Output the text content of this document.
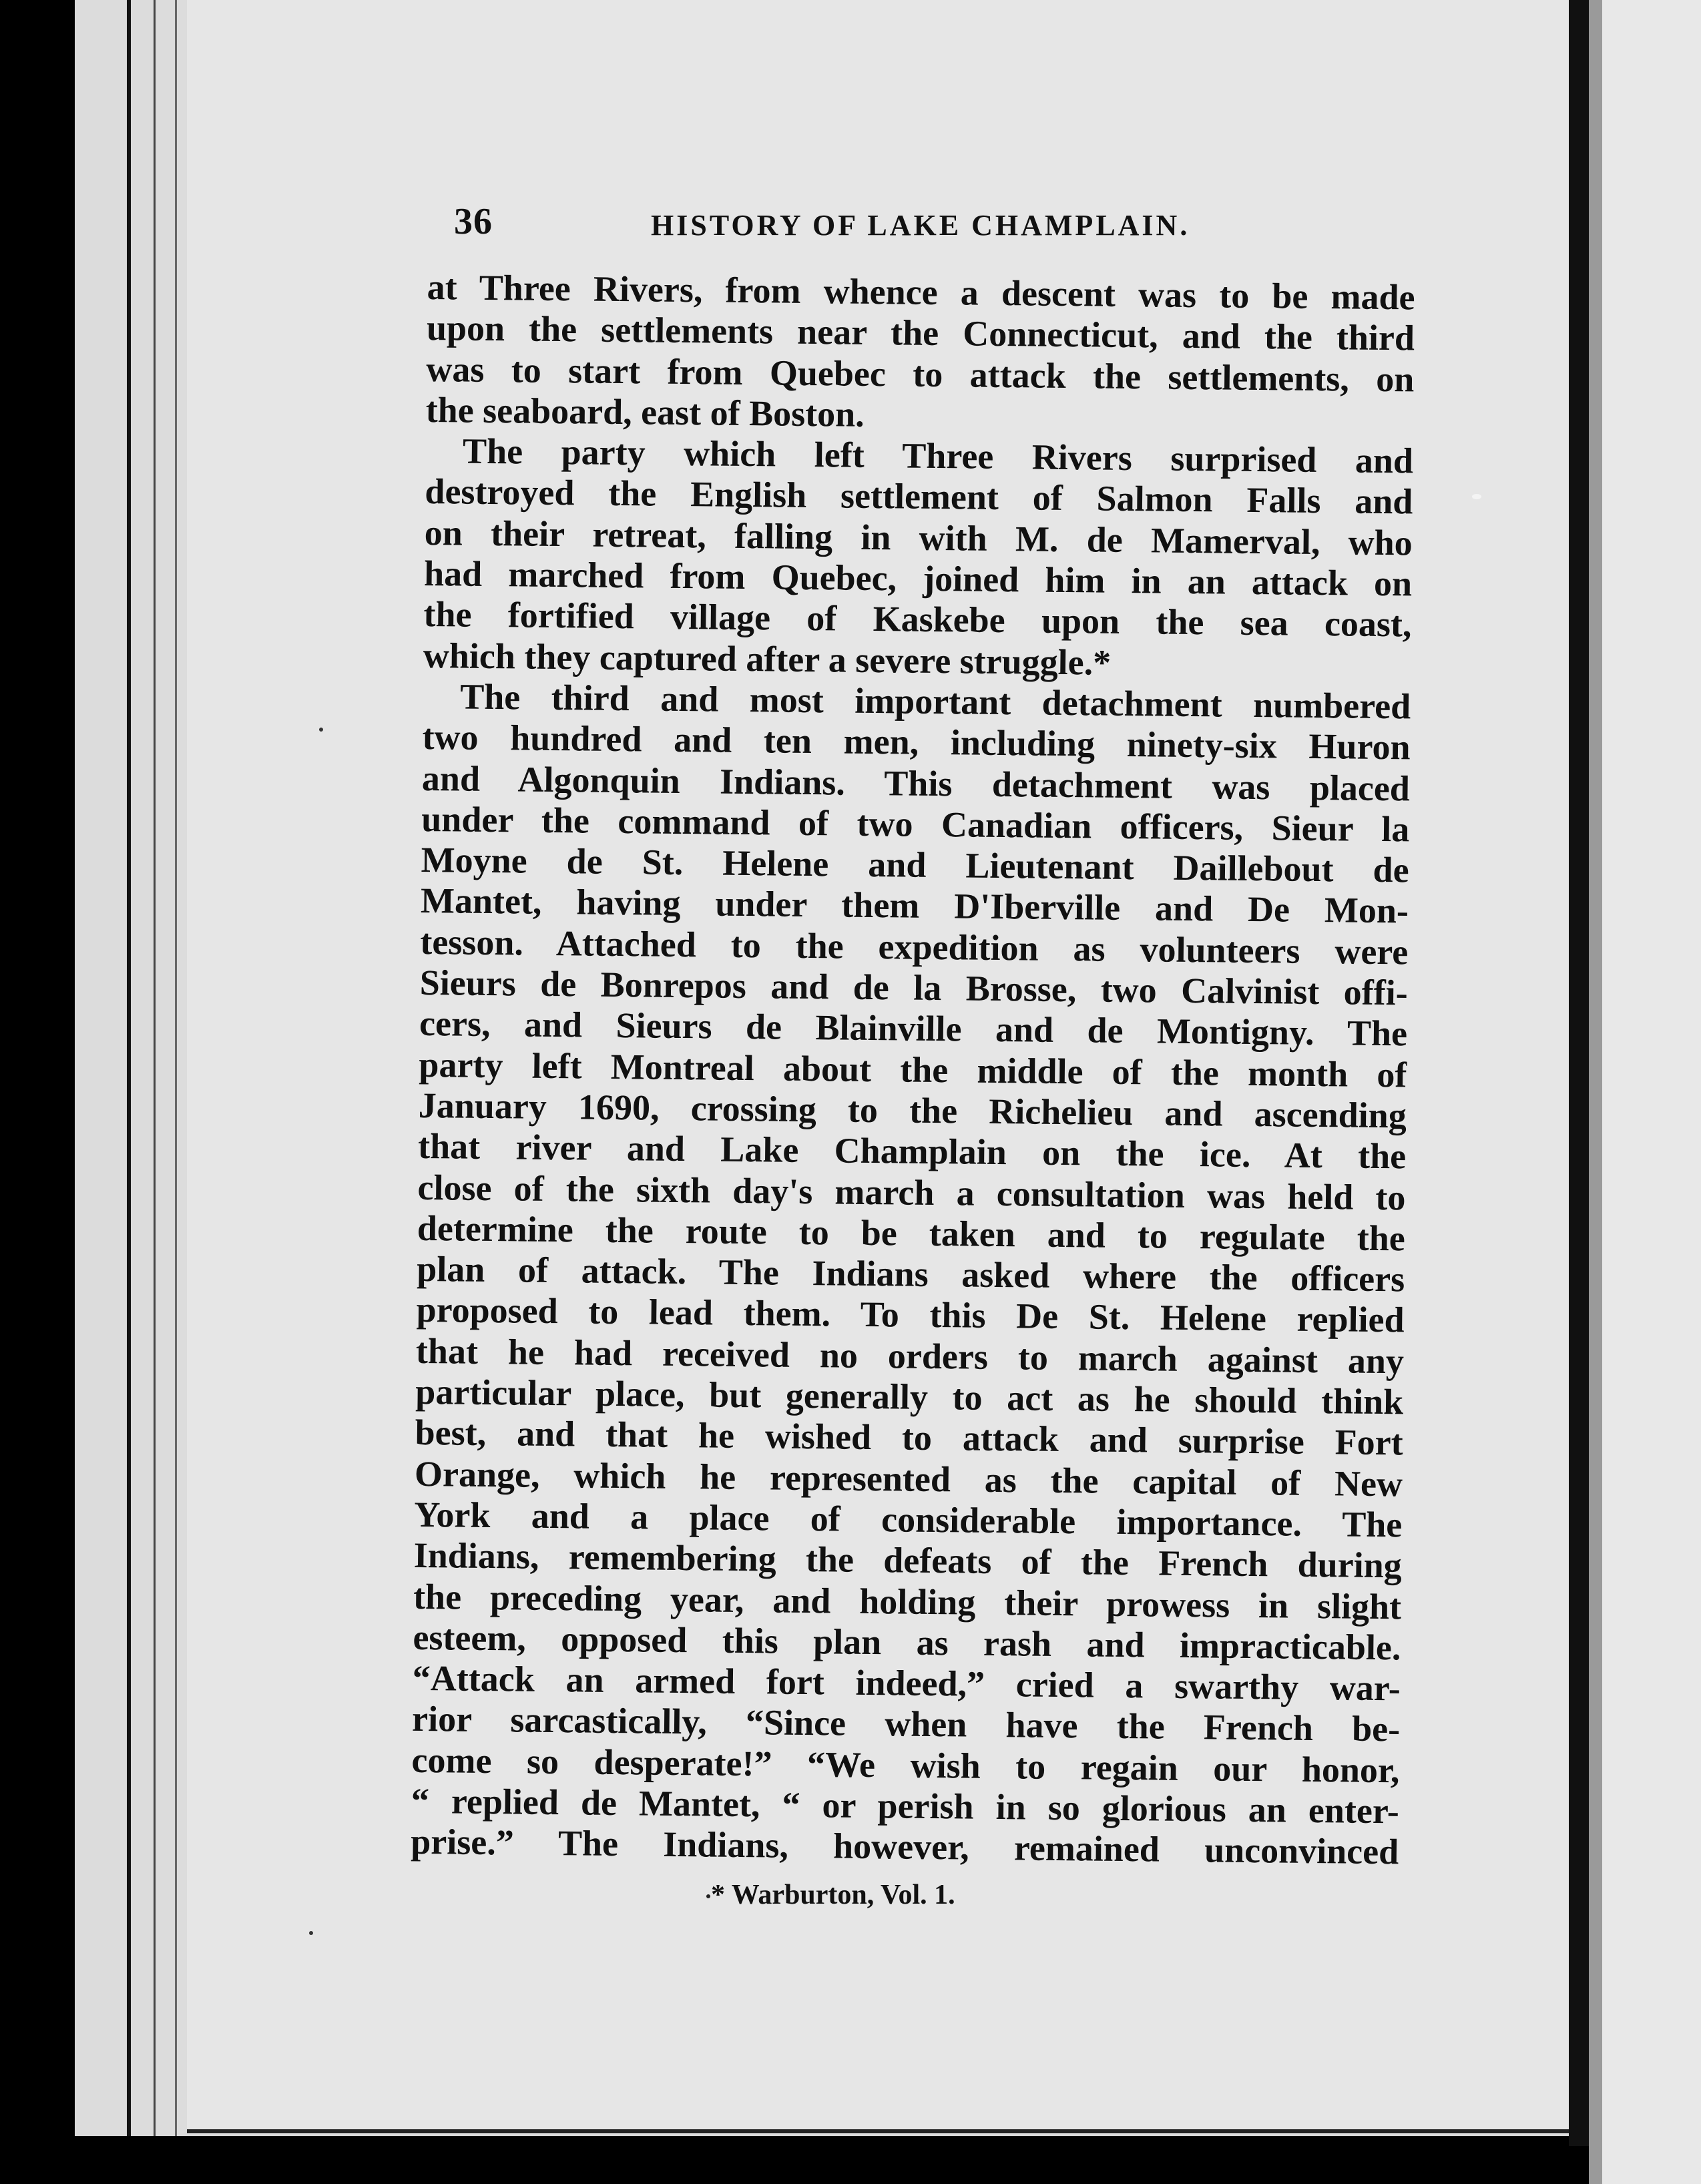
36	HISTORY OF LAKE CHAMPLAIN.
at Three Rivers, from whence a descent was to be made
upon the settlements near the Connecticut, and the third
was to start from Quebec to attack the settlements, on
the seaboard, east of Boston.
The party which left Three Rivers surprised and
destroyed the English settlement of Salmon Falls and
on their retreat, falling in with M. de Mamerval, who
had marched from Quebec, joined him in an attack on
the fortified village of Kaskebe upon the sea coast,
which they captured after a severe struggle.*
The third and most important detachment numbered
two hundred and ten men, including ninety-six Huron
and Algonquin Indians. This detachment was placed
under the command of two Canadian officers, Sieur la
Moyne de St. Helene and Lieutenant Daillebout de
Mantet, having under them D'Iberville and De Mon-
tesson. Attached to the expedition as volunteers were
Sieurs de Bonrepos and de la Brosse, two Calvinist offi-
cers, and Sieurs de Blainville and de Montigny. The
party left Montreal about the middle of the month of
January 1690, crossing to the Richelieu and ascending
that river and Lake Champlain on the ice. At the
close of the sixth day's march a consultation was held to
determine the route to be taken and to regulate the
plan of attack. The Indians asked where the officers
proposed to lead them. To this De St. Helene replied
that he had received no orders to march against any
particular place, but generally to act as he should think
best, and that he wished to attack and surprise Fort
Orange, which he represented as the capital of New
York and a place of considerable importance. The
Indians, remembering the defeats of the French during
the preceding year, and holding their prowess in slight
esteem, opposed this plan as rash and impracticable.
“Attack an armed fort indeed,” cried a swarthy war-
rior sarcastically, “Since when have the French be-
come so desperate!” “We wish to regain our honor,
“ replied de Mantet, “ or perish in so glorious an enter-
prise.” The Indians, however, remained unconvinced
* Warburton, Vol. 1.
